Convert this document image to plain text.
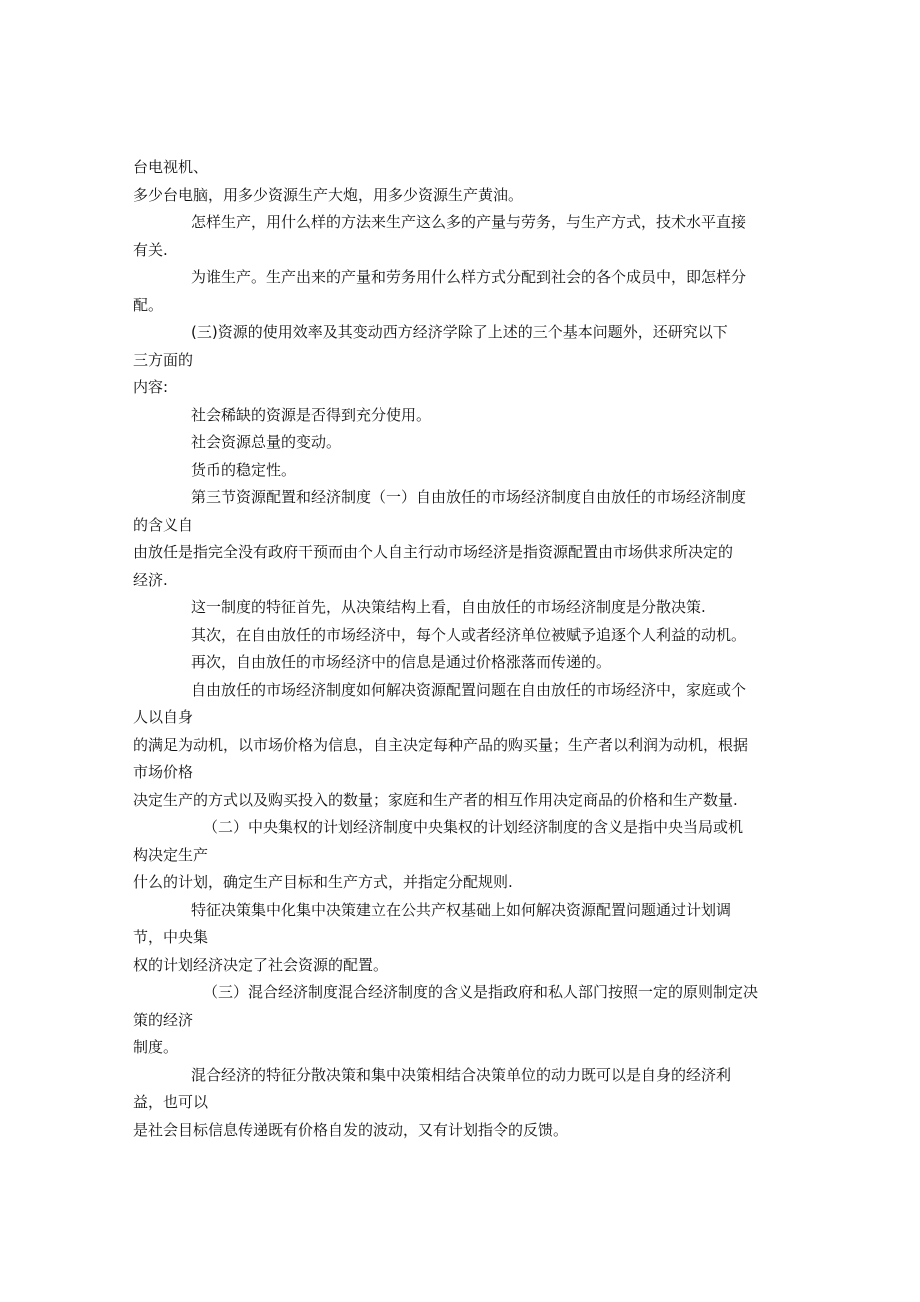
台电视机、

多少台电脑，用多少资源生产大炮，用多少资源生产黄油。

怎样生产，用什么样的方法来生产这么多的产量与劳务，与生产方式，技术水平直接

有关.

为谁生产。生产出来的产量和劳务用什么样方式分配到社会的各个成员中，即怎样分

配。

(三)资源的使用效率及其变动西方经济学除了上述的三个基本问题外，还研究以下

三方面的

内容:

社会稀缺的资源是否得到充分使用。

社会资源总量的变动。

货币的稳定性。

第三节资源配置和经济制度（一）自由放任的市场经济制度自由放任的市场经济制度

的含义自

由放任是指完全没有政府干预而由个人自主行动市场经济是指资源配置由市场供求所决定的

经济.

这一制度的特征首先，从决策结构上看，自由放任的市场经济制度是分散决策.

其次，在自由放任的市场经济中，每个人或者经济单位被赋予追逐个人利益的动机。

再次，自由放任的市场经济中的信息是通过价格涨落而传递的。

自由放任的市场经济制度如何解决资源配置问题在自由放任的市场经济中，家庭或个

人以自身

的满足为动机，以市场价格为信息，自主决定每种产品的购买量；生产者以利润为动机，根据

市场价格

决定生产的方式以及购买投入的数量；家庭和生产者的相互作用决定商品的价格和生产数量.

（二）中央集权的计划经济制度中央集权的计划经济制度的含义是指中央当局或机

构决定生产

什么的计划，确定生产目标和生产方式，并指定分配规则.

特征决策集中化集中决策建立在公共产权基础上如何解决资源配置问题通过计划调

节，中央集

权的计划经济决定了社会资源的配置。

（三）混合经济制度混合经济制度的含义是指政府和私人部门按照一定的原则制定决

策的经济

制度。

混合经济的特征分散决策和集中决策相结合决策单位的动力既可以是自身的经济利

益，也可以

是社会目标信息传递既有价格自发的波动，又有计划指令的反馈。
